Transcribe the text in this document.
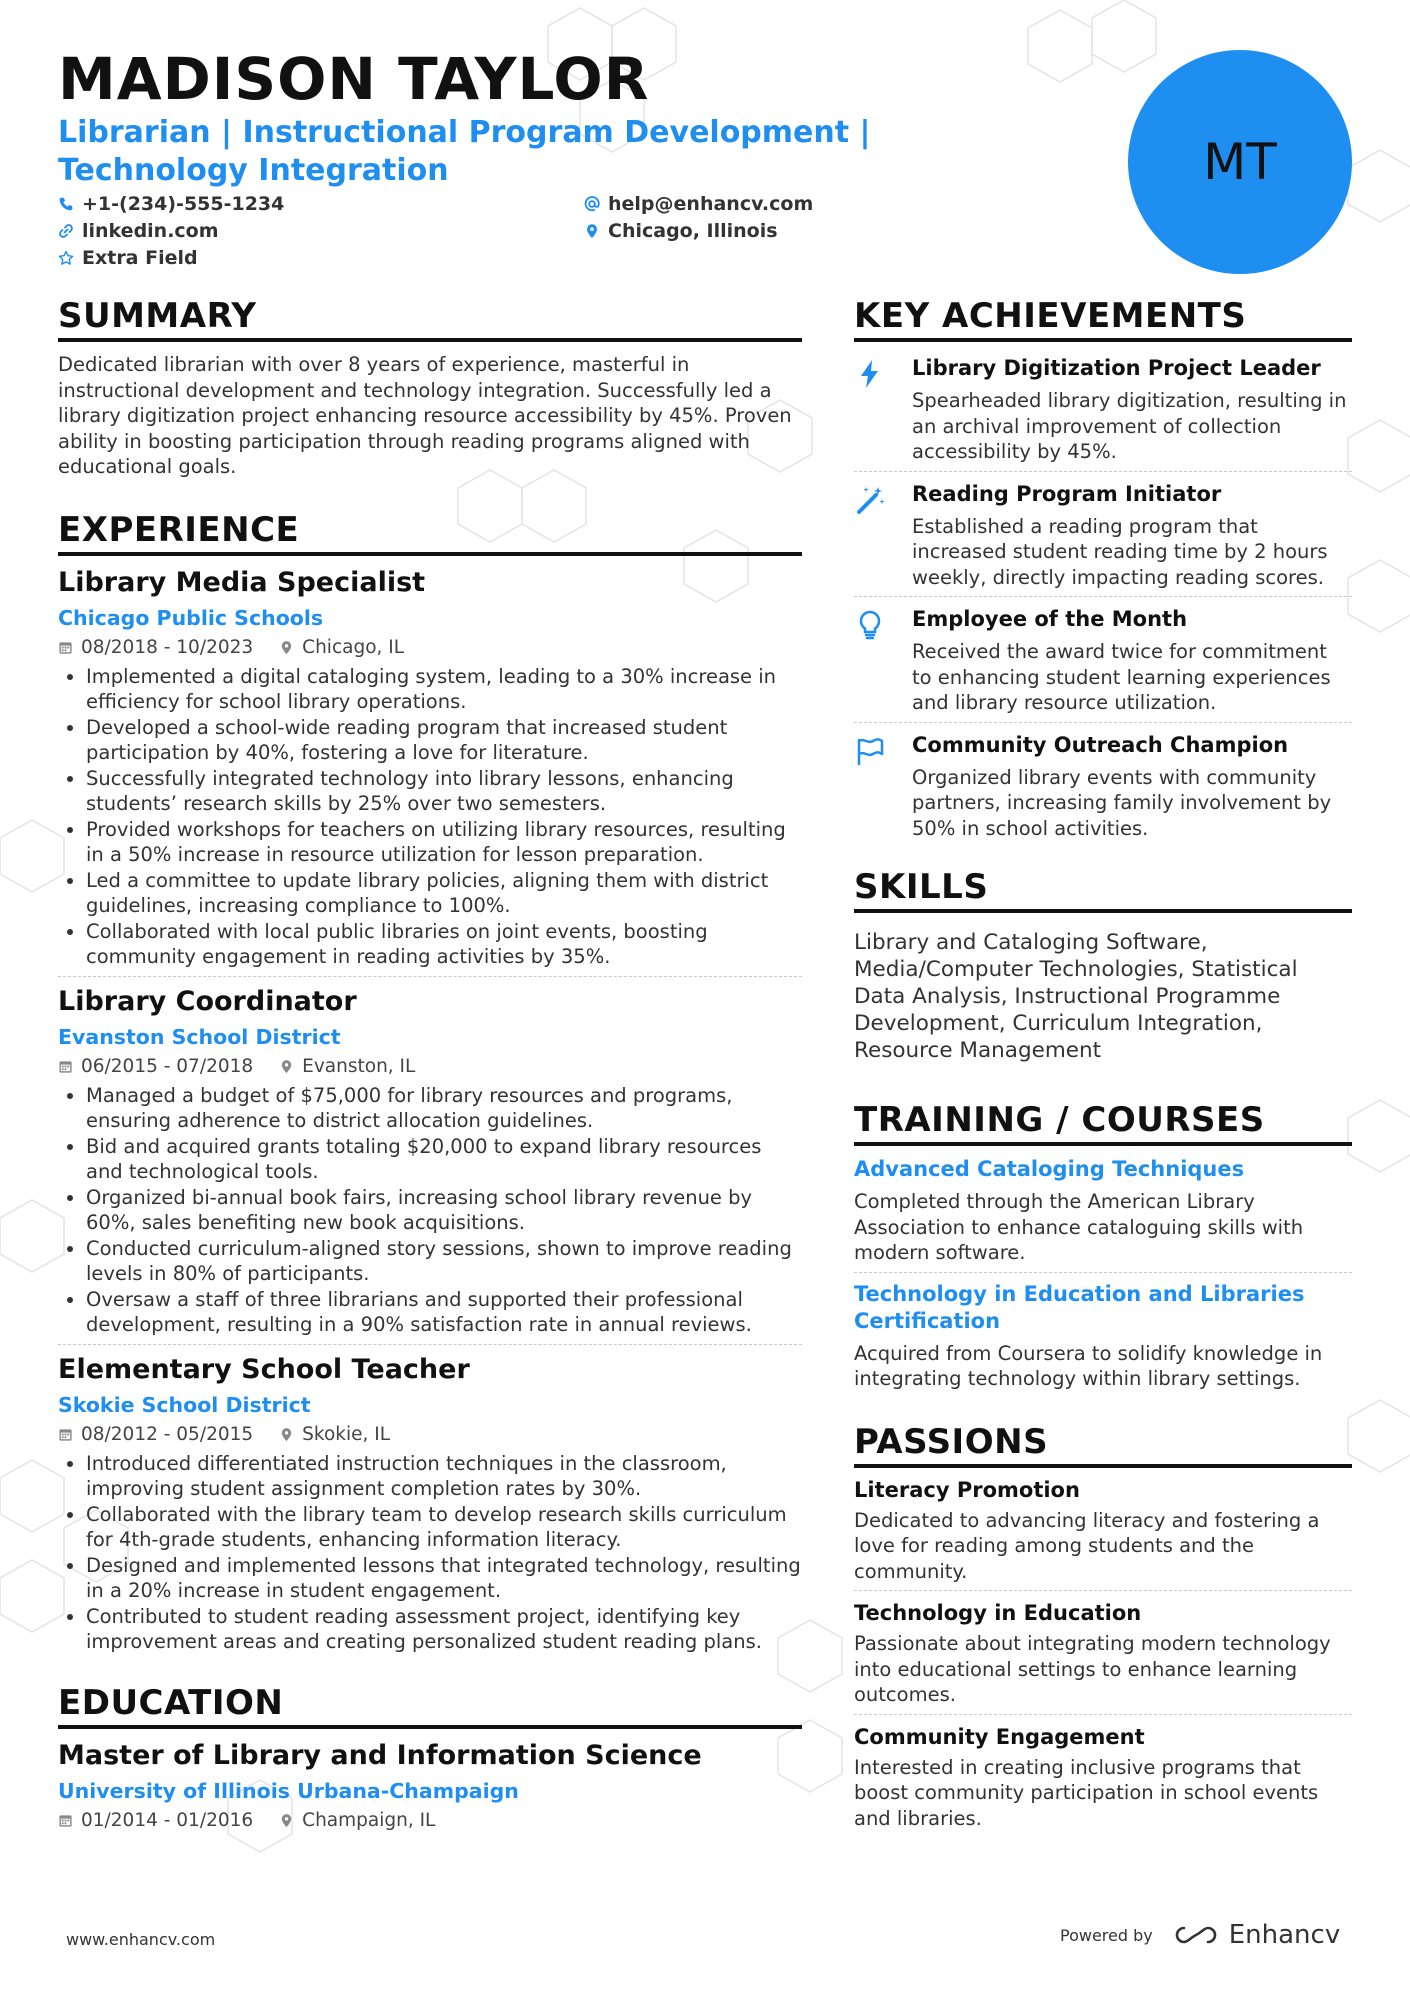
MADISON TAYLOR
Librarian | Instructional Program Development | Technology Integration
+1-(234)-555-1234	help@enhancv.com
linkedin.com	Chicago, Illinois
Extra Field
MT
SUMMARY

Dedicated librarian with over 8 years of experience, masterful in instructional development and technology integration. Successfully led a library digitization project enhancing resource accessibility by 45%. Proven ability in boosting participation through reading programs aligned with educational goals.

EXPERIENCE
Library Media Specialist
Chicago Public Schools
08/2018 - 10/2023	Chicago, IL
• Implemented a digital cataloging system, leading to a 30% increase in efficiency for school library operations.
• Developed a school-wide reading program that increased student participation by 40%, fostering a love for literature.
• Successfully integrated technology into library lessons, enhancing students’ research skills by 25% over two semesters.
• Provided workshops for teachers on utilizing library resources, resulting in a 50% increase in resource utilization for lesson preparation.
• Led a committee to update library policies, aligning them with district guidelines, increasing compliance to 100%.
• Collaborated with local public libraries on joint events, boosting community engagement in reading activities by 35%.
Library Coordinator
Evanston School District
06/2015 - 07/2018	Evanston, IL
• Managed a budget of $75,000 for library resources and programs, ensuring adherence to district allocation guidelines.
• Bid and acquired grants totaling $20,000 to expand library resources and technological tools.
• Organized bi-annual book fairs, increasing school library revenue by 60%, sales benefiting new book acquisitions.
• Conducted curriculum-aligned story sessions, shown to improve reading levels in 80% of participants.
• Oversaw a staff of three librarians and supported their professional development, resulting in a 90% satisfaction rate in annual reviews.
Elementary School Teacher
Skokie School District
08/2012 - 05/2015	Skokie, IL
• Introduced differentiated instruction techniques in the classroom, improving student assignment completion rates by 30%.
• Collaborated with the library team to develop research skills curriculum for 4th-grade students, enhancing information literacy.
• Designed and implemented lessons that integrated technology, resulting in a 20% increase in student engagement.
• Contributed to student reading assessment project, identifying key improvement areas and creating personalized student reading plans.
EDUCATION
Master of Library and Information Science
University of Illinois Urbana-Champaign
01/2014 - 01/2016	Champaign, IL
KEY ACHIEVEMENTS
Library Digitization Project Leader
Spearheaded library digitization, resulting in an archival improvement of collection accessibility by 45%.
Reading Program Initiator
Established a reading program that increased student reading time by 2 hours weekly, directly impacting reading scores.
Employee of the Month
Received the award twice for commitment to enhancing student learning experiences and library resource utilization.
Community Outreach Champion
Organized library events with community partners, increasing family involvement by 50% in school activities.
SKILLS
Library and Cataloging Software, Media/Computer Technologies, Statistical Data Analysis, Instructional Programme Development, Curriculum Integration, Resource Management
TRAINING / COURSES
Advanced Cataloging Techniques
Completed through the American Library Association to enhance cataloguing skills with modern software.
Technology in Education and Libraries Certification
Acquired from Coursera to solidify knowledge in integrating technology within library settings.
PASSIONS
Literacy Promotion
Dedicated to advancing literacy and fostering a love for reading among students and the community.
Technology in Education
Passionate about integrating modern technology into educational settings to enhance learning outcomes.
Community Engagement
Interested in creating inclusive programs that boost community participation in school events and libraries.
www.enhancv.com	Powered by	Enhancv
